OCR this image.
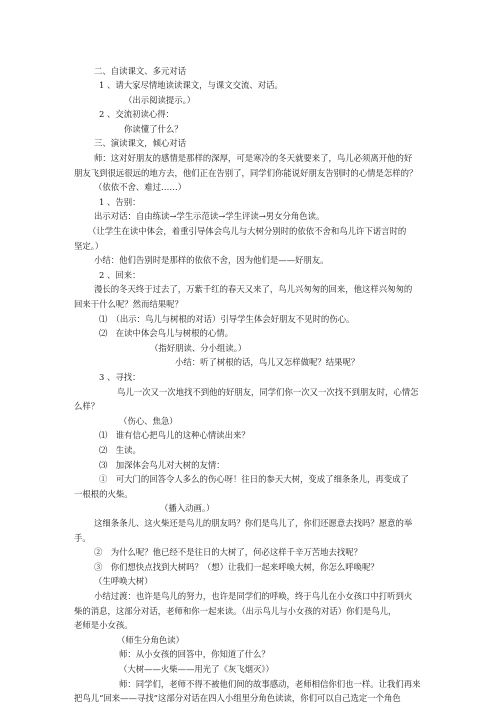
二、自读课文、多元对话
1 、请大家尽情地读读课文，与课文交流、对话。
（出示阅读提示。）
2 、交流初读心得：
你读懂了什么？
三、演读课文，倾心对话
师：这对好朋友的感情是那样的深厚，可是寒冷的冬天就要来了，鸟儿必须离开他的好
朋友飞到很远很远的地方去，他们正在告别了，同学们你能说好朋友告别时的心情是怎样的？
（依依不舍、难过……）
1 、告别：
出示对话：自由练读→学生示范读→学生评读→男女分角色读。
（让学生在读中体会，着重引导体会鸟儿与大树分别时的依依不舍和鸟儿许下诺言时的
坚定。）
小结：他们告别时是那样的依依不舍，因为他们是——好朋友。
2 、回来：
漫长的冬天终于过去了，万紫千红的春天又来了，鸟儿兴匆匆的回来，他这样兴匆匆的
回来干什么呢？然而结果呢？
⑴　（出示：鸟儿与树根的对话）引导学生体会好朋友不见时的伤心。
⑵　在读中体会鸟儿与树根的心情。
（指好朋读、分小组读。）
小结：听了树根的话，鸟儿又怎样做呢？结果呢？
3 、寻找：
鸟儿一次又一次地找不到他的好朋友，同学们你一次又一次找不到朋友时，心情怎
么样？
（伤心、焦急）
⑴　谁有信心把鸟儿的这种心情读出来？
⑵　生读。
⑶　加深体会鸟儿对大树的友情：
①　可大门的回答令人多么的伤心呀！往日的参天大树，变成了细条条儿，再变成了
一根根的火柴。
（播入动画。）
这细条条儿、这火柴还是鸟儿的朋友吗？你们是鸟儿了，你们还愿意去找吗？愿意的举
手。
②　为什么呢？他已经不是往日的大树了，何必这样千辛万苦地去找呢？
③　你们想快点找到大树吗？（想）让我们一起来呼唤大树，你怎么呼唤呢？
（生呼唤大树）
小结过渡：也许是鸟儿的努力，也许是同学们的呼唤，终于鸟儿在小女孩口中打听到火
柴的消息，这部分对话，老师和你一起来读。（出示鸟儿与小女孩的对话）你们是鸟儿，
老师是小女孩。
（师生分角色读）
师：从小女孩的回答中，你知道了什么？
（大树——火柴——用光了《灰飞烟灭》）
师：同学们，老师不得不被他们间的故事感动，老师相信你们也一样。让我们再来
把鸟儿“回来——寻找”这部分对话在四人小组里分角色读读，你们可以自己选定一个角色
